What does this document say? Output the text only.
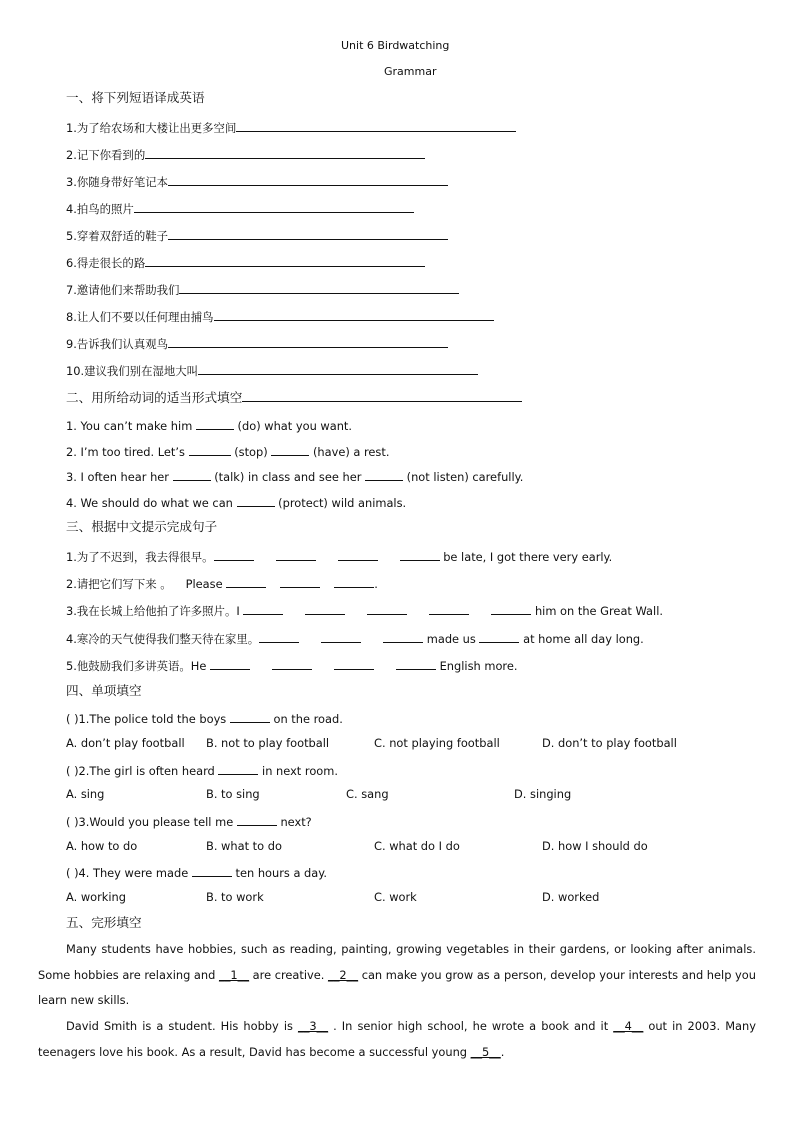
Unit 6 Birdwatching
Grammar
一、将下列短语译成英语
1.为了给农场和大楼让出更多空间
2.记下你看到的
3.你随身带好笔记本
4.拍鸟的照片
5.穿着双舒适的鞋子
6.得走很长的路
7.邀请他们来帮助我们
8.让人们不要以任何理由捕鸟
9.告诉我们认真观鸟
10.建议我们别在湿地大叫
二、用所给动词的适当形式填空
1. You can’t make him	(do) what you want.
2. I’m too tired. Let’s	(stop)	(have) a rest.
3. I often hear her	(talk) in class and see her	(not listen) carefully.
4. We should do what we can	(protect) wild animals.
三、根据中文提示完成句子
1.为了不迟到，我去得很早。	be late, I got there very early.
2.请把它们写下来 。 Please	.
3.我在长城上给他拍了许多照片。I	him on the Great Wall.
4.寒冷的天气使得我们整天待在家里。	made us	at home all day long.
5.他鼓励我们多讲英语。He	English more.
四、单项填空
( )1.The police told the boys	on the road.
A. don’t play football B. not to play football	C. not playing football	D. don’t to play football
( )2.The girl is often heard	in next room.
A. sing	B. to sing	C. sang	D. singing
( )3.Would you please tell me	next?
A. how to do	B. what to do	C. what do I do	D. how I should do
( )4. They were made	ten hours a day.
A. working	B. to work	C. work	D. worked
五、完形填空
Many students have hobbies, such as reading, painting, growing vegetables in their gardens, or looking after animals. Some hobbies are relaxing and __1__ are creative. __2__ can make you grow as a person, develop your interests and help you learn new skills.
David Smith is a student. His hobby is __3__ . In senior high school, he wrote a book and it __4__ out in 2003. Many teenagers love his book. As a result, David has become a successful young __5__.
